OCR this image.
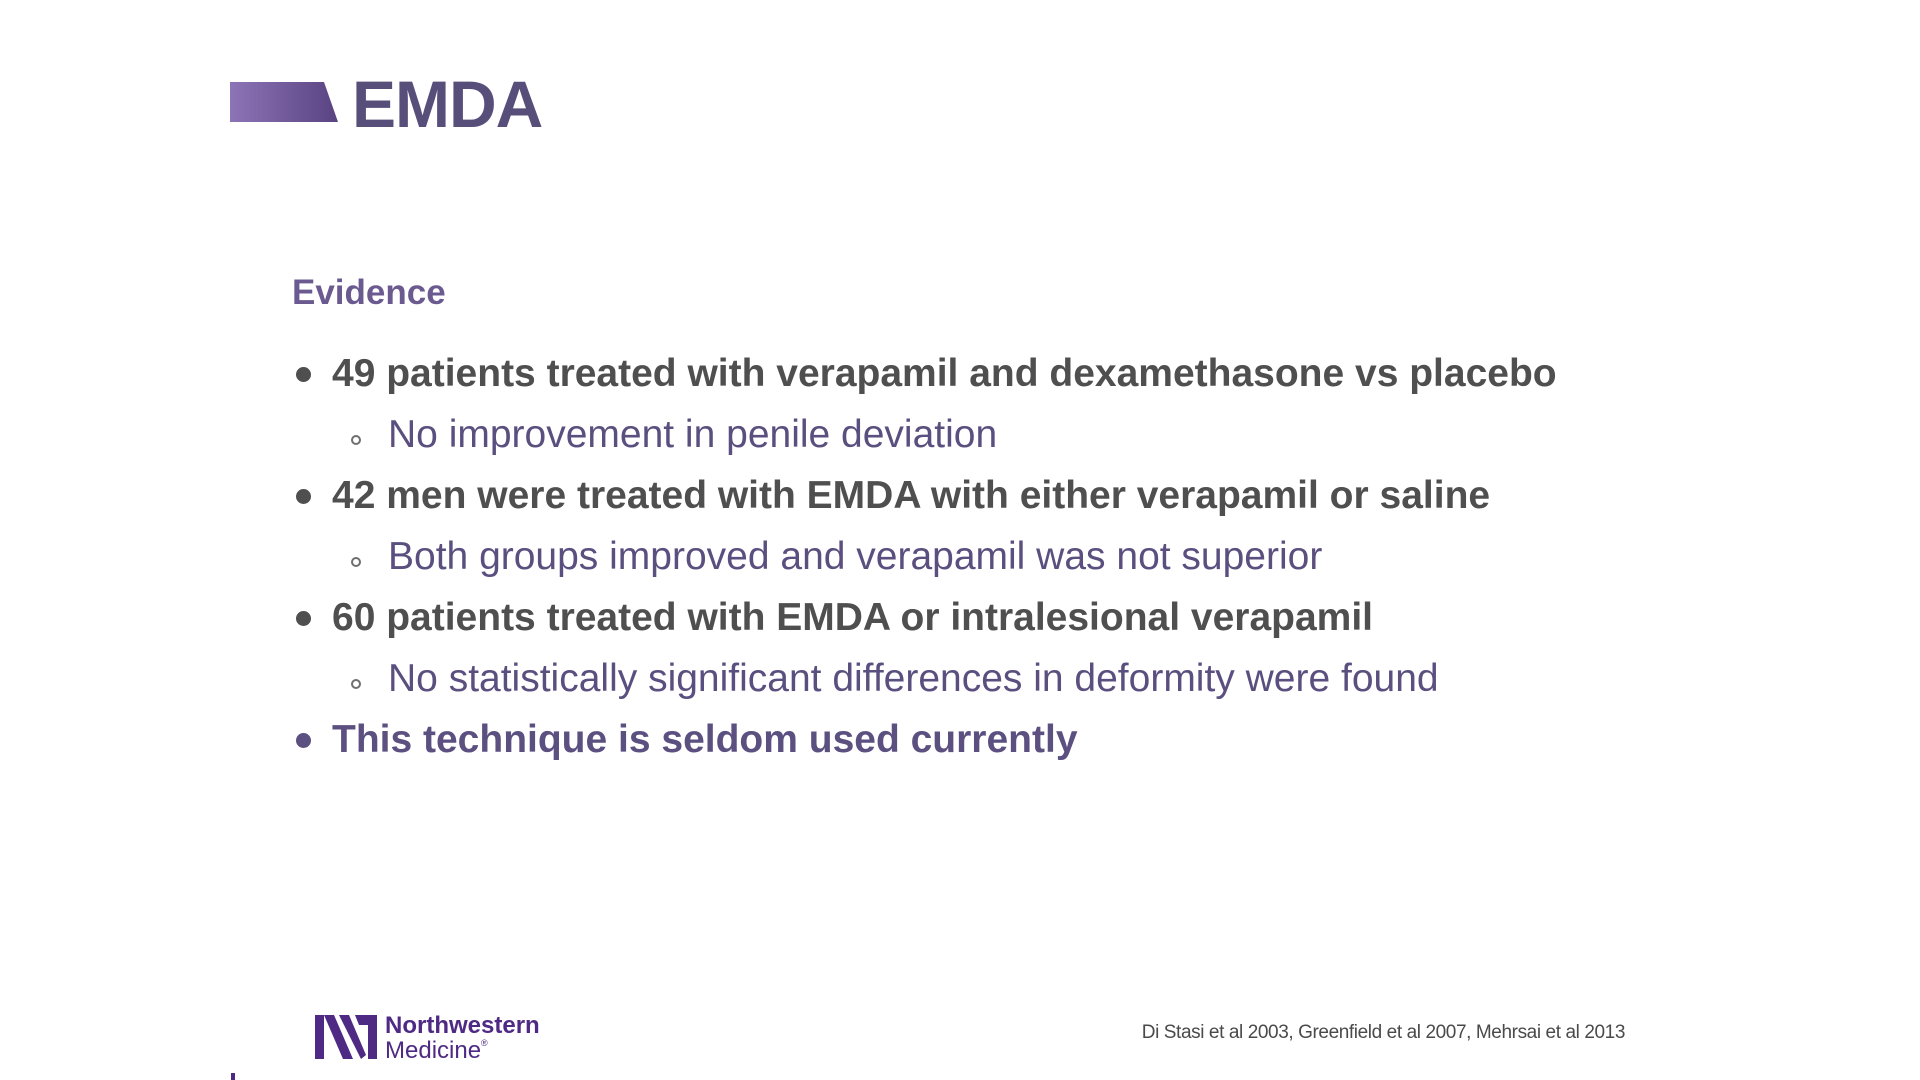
EMDA
Evidence
49 patients treated with verapamil and dexamethasone vs placebo
No improvement in penile deviation
42 men were treated with EMDA with either verapamil or saline
Both groups improved and verapamil was not superior
60 patients treated with EMDA or intralesional verapamil
No statistically significant differences in deformity were found
This technique is seldom used currently
Northwestern
Medicine®	Di Stasi et al 2003, Greenfield et al 2007, Mehrsai et al 2013
